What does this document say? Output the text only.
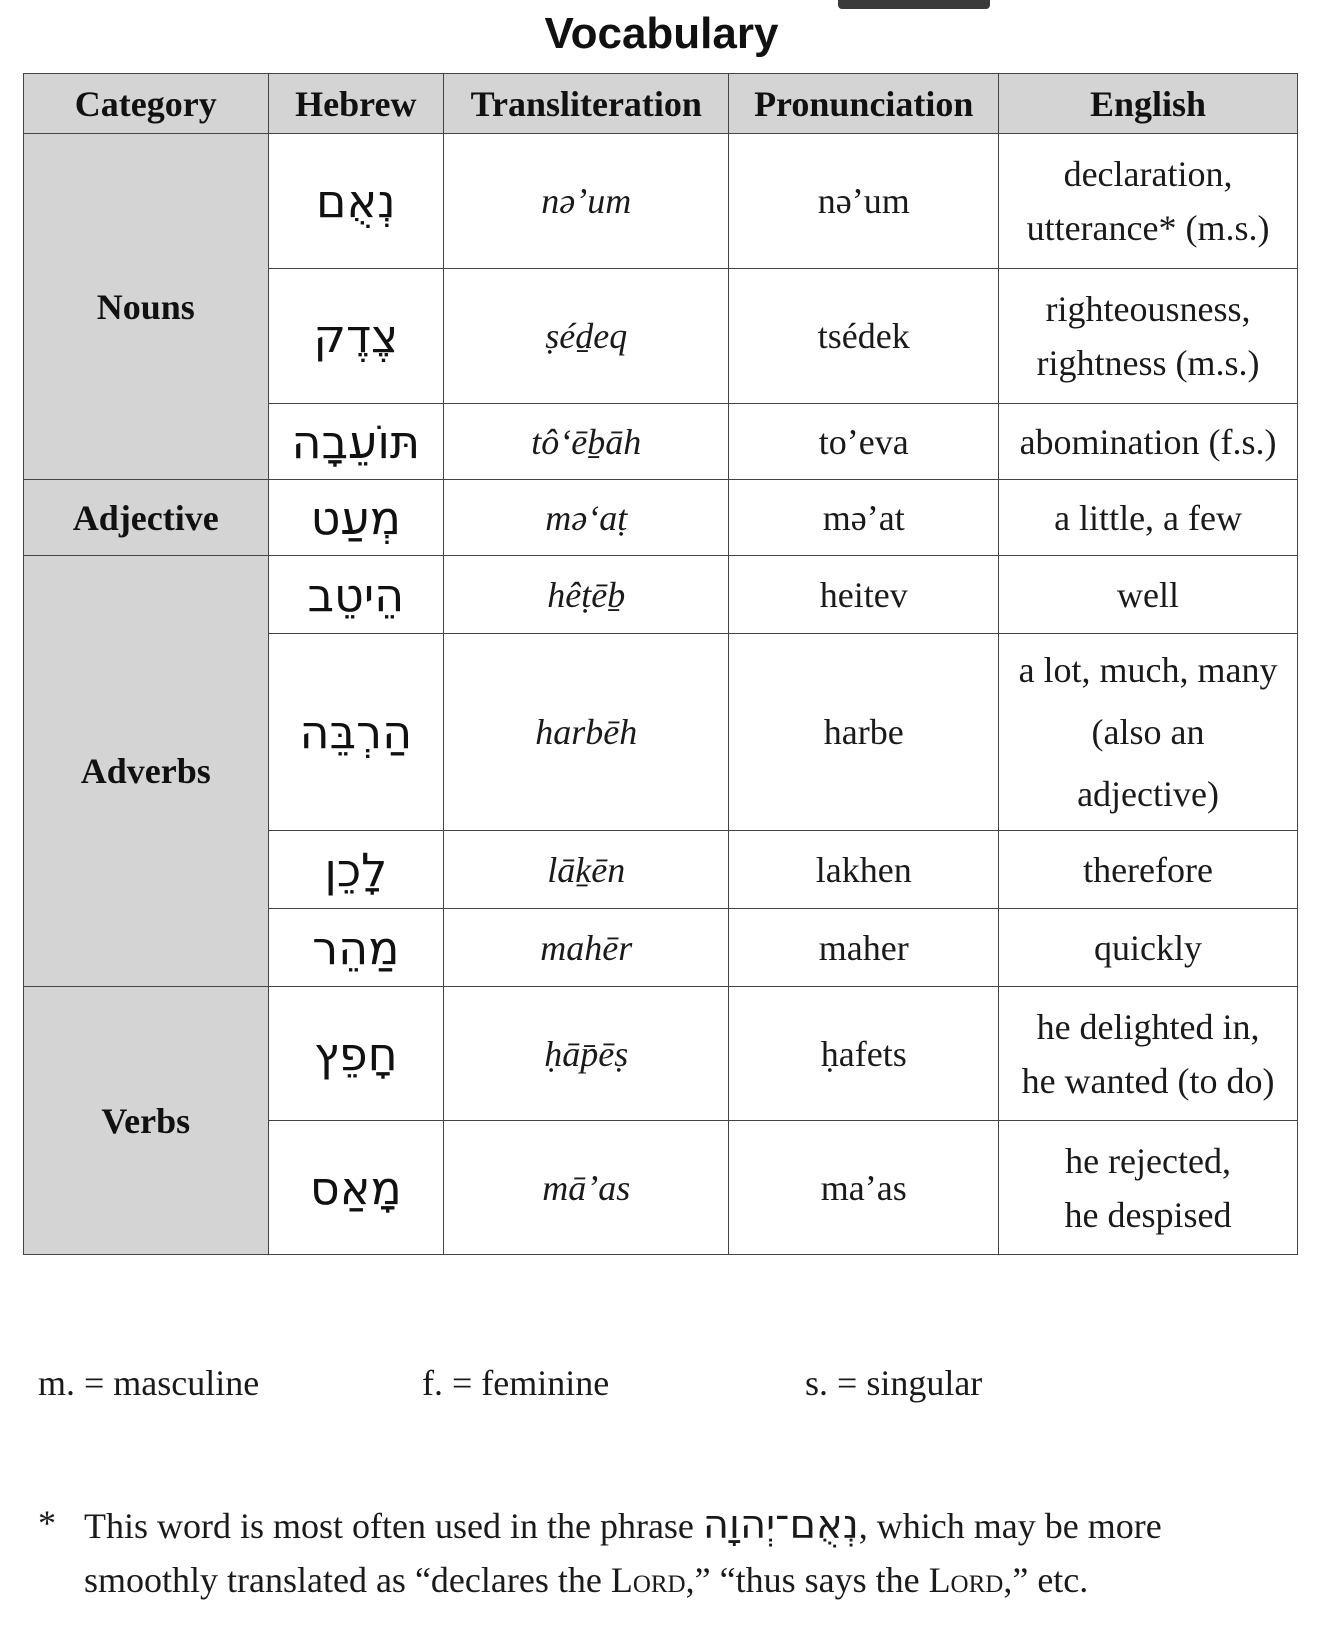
Vocabulary
Category	Hebrew	Transliteration	Pronunciation	English
Nouns	נְאֻם	nəʼum	nəʼum	declaration,
utterance* (m.s.)
	צֶדֶק	ṣéḏeq	tsédek	righteousness,
rightness (m.s.)
	תּוֹעֵבָה	tôʻēḇāh	toʼeva	abomination (f.s.)
Adjective	מְעַט	məʻaṭ	məʼat	a little, a few
Adverbs	הֵיטֵב	hêṭēḇ	heitev	well
	הַרְבֵּה	harbēh	harbe	a lot, much, many
(also an
adjective)
	לָכֵן	lāḵēn	lakhen	therefore
	מַהֵר	mahēr	maher	quickly
Verbs	חָפֵץ	ḥāp̄ēṣ	ḥafets	he delighted in,
he wanted (to do)
	מָאַס	māʼas	maʼas	he rejected,
he despised
m. = masculine	f. = feminine	s. = singular
* This word is most often used in the phrase נְאֻם־יְהוָה, which may be more
smoothly translated as “declares the Lord,” “thus says the Lord,” etc.
